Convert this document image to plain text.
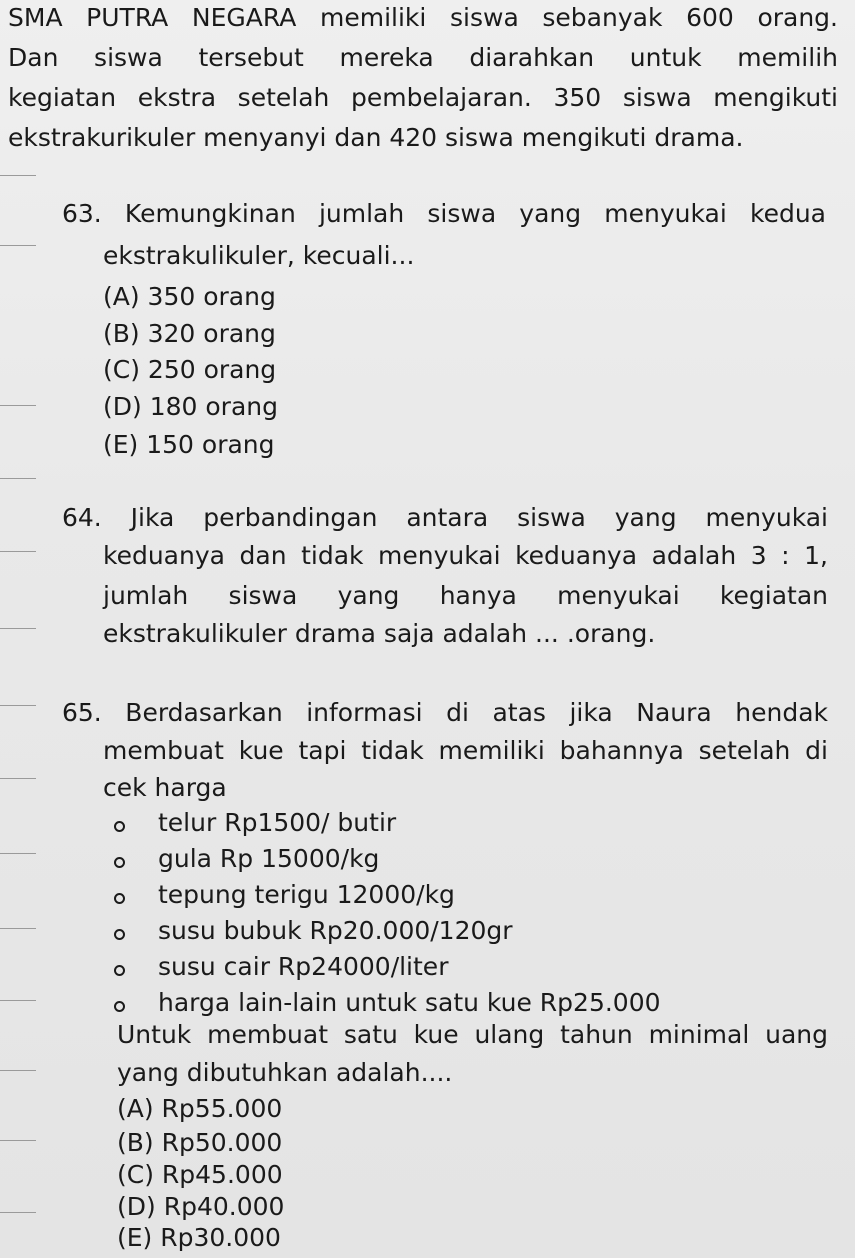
SMA PUTRA NEGARA memiliki siswa sebanyak 600 orang.
Dan siswa tersebut mereka diarahkan untuk memilih
kegiatan ekstra setelah pembelajaran. 350 siswa mengikuti
ekstrakurikuler menyanyi dan 420 siswa mengikuti drama.
63. Kemungkinan jumlah siswa yang menyukai kedua
ekstrakulikuler, kecuali...
(A) 350 orang
(B) 320 orang
(C) 250 orang
(D) 180 orang
(E) 150 orang
64. Jika perbandingan antara siswa yang menyukai
keduanya dan tidak menyukai keduanya adalah 3 : 1,
jumlah siswa yang hanya menyukai kegiatan
ekstrakulikuler drama saja adalah ... .orang.
65. Berdasarkan informasi di atas jika Naura hendak
membuat kue tapi tidak memiliki bahannya setelah di
cek harga
telur Rp1500/ butir
gula Rp 15000/kg
tepung terigu 12000/kg
susu bubuk Rp20.000/120gr
susu cair Rp24000/liter
harga lain-lain untuk satu kue Rp25.000
Untuk membuat satu kue ulang tahun minimal uang
yang dibutuhkan adalah....
(A) Rp55.000
(B) Rp50.000
(C) Rp45.000
(D) Rp40.000
(E) Rp30.000
